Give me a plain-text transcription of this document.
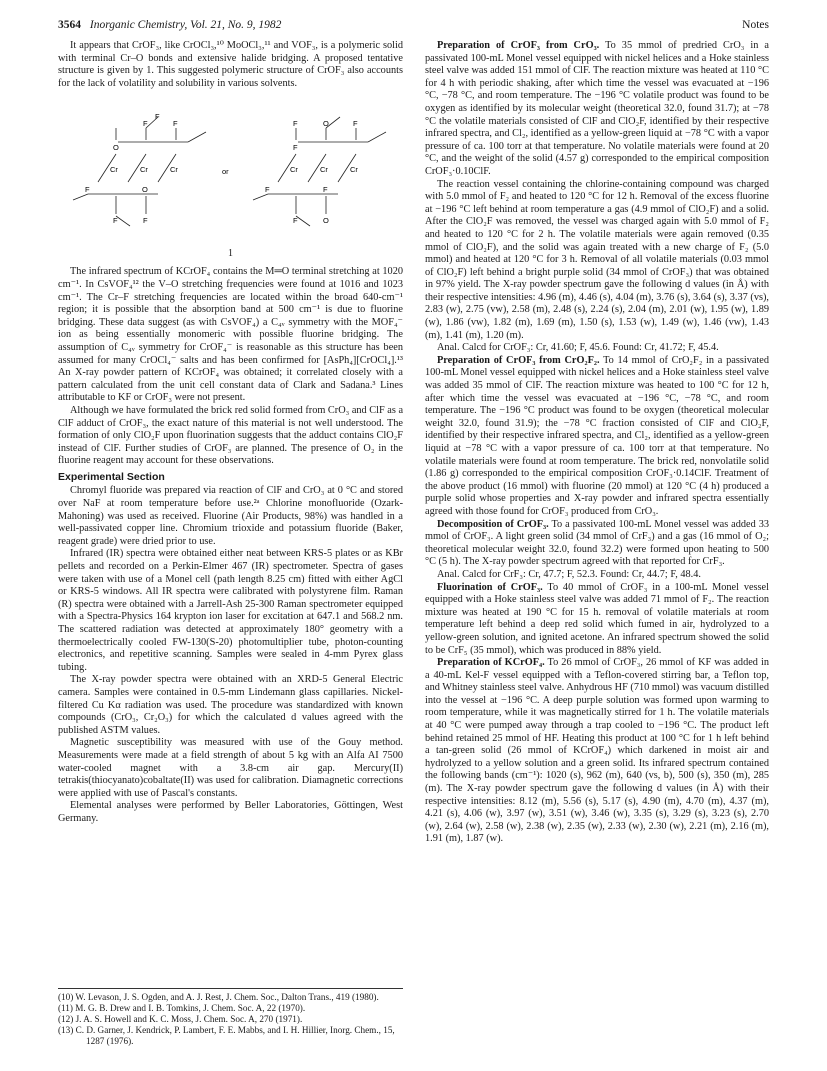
3564 Inorganic Chemistry, Vol. 21, No. 9, 1982	Notes

It appears that CrOF₃, like CrOCl₃,¹⁰ MoOCl₃,¹¹ and VOF₃, is a polymeric solid with terminal Cr–O bonds and extensive halide bridging. A proposed tentative structure is given by 1. This suggested polymeric structure of CrOF₃ also accounts for the lack of volatility and solubility in various solvents.

F
F	F
O
Cr	Cr	Cr
O
F
F	F
or
O
F	F
F
Cr	Cr	Cr
F
F
F	O
1

The infrared spectrum of KCrOF₄ contains the M═O terminal stretching at 1020 cm⁻¹. In CsVOF₄¹² the V–O stretching frequencies were found at 1016 and 1023 cm⁻¹. The Cr–F stretching frequencies are located within the broad 640-cm⁻¹ region; it is possible that the absorption band at 500 cm⁻¹ is due to fluorine bridging. These data suggest (as with CsVOF₄) a C₄ᵥ symmetry with the MOF₄⁻ ion as being essentially monomeric with possible fluorine bridging. The assumption of C₄ᵥ symmetry for CrOF₄⁻ is reasonable as this structure has been assumed for many CrOCl₄⁻ salts and has been confirmed for [AsPh₄][CrOCl₄].¹³ An X-ray powder pattern of KCrOF₄ was obtained; it correlated closely with a pattern calculated from the unit cell constant data of Clark and Sadana.³ Lines attributable to KF or CrOF₃ were not present.

Although we have formulated the brick red solid formed from CrO₃ and ClF as a ClF adduct of CrOF₃, the exact nature of this material is not well understood. The formation of only ClO₂F upon fluorination suggests that the adduct contains ClO₂F instead of ClF. Further studies of CrOF₃ are planned. The presence of O₂ in the fluorine reagent may account for these observations.

Experimental Section

Chromyl fluoride was prepared via reaction of ClF and CrO₃ at 0 °C and stored over NaF at room temperature before use.²ᵃ Chlorine monofluoride (Ozark-Mahoning) was used as received. Fluorine (Air Products, 98%) was handled in a well-passivated copper line. Chromium trioxide and potassium fluoride (Baker, reagent grade) were dried prior to use.

Infrared (IR) spectra were obtained either neat between KRS-5 plates or as KBr pellets and recorded on a Perkin-Elmer 467 (IR) spectrometer. Spectra of gases were taken with use of a Monel cell (path length 8.25 cm) fitted with either AgCl or KRS-5 windows. All IR spectra were calibrated with polystyrene film. Raman (R) spectra were obtained with a Jarrell-Ash 25-300 Raman spectrometer equipped with a Spectra-Physics 164 krypton ion laser for excitation at 647.1 and 568.2 nm. The scattered radiation was detected at approximately 180° geometry with a thermoelectrically cooled FW-130(S-20) photomultiplier tube, photon-counting electronics, and repetitive scanning. Samples were sealed in 4-mm Pyrex glass tubing.

The X-ray powder spectra were obtained with an XRD-5 General Electric camera. Samples were contained in 0.5-mm Lindemann glass capillaries. Nickel-filtered Cu Kα radiation was used. The procedure was standardized with known compounds (CrO₃, Cr₂O₃) for which the calculated d values agreed with the published ASTM values.

Magnetic susceptibility was measured with use of the Gouy method. Measurements were made at a field strength of about 5 kg with an Alfa AI 7500 water-cooled magnet with a 3.8-cm air gap. Mercury(II) tetrakis(thiocyanato)cobaltate(II) was used for calibration. Diamagnetic corrections were applied with use of Pascal's constants.

Elemental analyses were performed by Beller Laboratories, Göttingen, West Germany.

(10) W. Levason, J. S. Ogden, and A. J. Rest, J. Chem. Soc., Dalton Trans., 419 (1980).
(11) M. G. B. Drew and I. B. Tomkins, J. Chem. Soc. A, 22 (1970).
(12) J. A. S. Howell and K. C. Moss, J. Chem. Soc. A, 270 (1971).
(13) C. D. Garner, J. Kendrick, P. Lambert, F. E. Mabbs, and I. H. Hillier, Inorg. Chem., 15, 1287 (1976).

Preparation of CrOF₃ from CrO₃. To 35 mmol of predried CrO₃ in a passivated 100-mL Monel vessel equipped with nickel helices and a Hoke stainless steel valve was added 151 mmol of ClF. The reaction mixture was heated at 110 °C for 4 h with periodic shaking, after which time the vessel was evacuated at −196 °C, −78 °C, and room temperature. The −196 °C volatile product was found to be oxygen as identified by its molecular weight (theoretical 32.0, found 31.7); at −78 °C the volatile materials consisted of ClF and ClO₂F, identified by their respective infrared spectra, and Cl₂, identified as a yellow-green liquid at −78 °C with a vapor pressure of ca. 100 torr at that temperature. No volatile materials were found at 20 °C, and the weight of the solid (4.57 g) corresponded to the empirical composition CrOF₃·0.10ClF.

The reaction vessel containing the chlorine-containing compound was charged with 5.0 mmol of F₂ and heated to 120 °C for 12 h. Removal of the excess fluorine at −196 °C left behind at room temperature a gas (4.9 mmol of ClO₂F) and a solid. After the ClO₂F was removed, the vessel was charged again with 5.0 mmol of F₂ and heated to 120 °C for 2 h. The volatile materials were again removed (0.35 mmol of ClO₂F), and the solid was again treated with a new charge of F₂ (5.0 mmol) and heated at 120 °C for 3 h. Removal of all volatile materials (0.03 mmol of ClO₂F) left behind a bright purple solid (34 mmol of CrOF₃) that was obtained in 97% yield. The X-ray powder spectrum gave the following d values (in Å) with their respective intensities: 4.96 (m), 4.46 (s), 4.04 (m), 3.76 (s), 3.64 (s), 3.37 (vs), 2.83 (w), 2.75 (vw), 2.58 (m), 2.48 (s), 2.24 (s), 2.04 (m), 2.01 (w), 1.95 (w), 1.89 (w), 1.86 (vw), 1.82 (m), 1.69 (m), 1.50 (s), 1.53 (w), 1.49 (w), 1.46 (vw), 1.43 (m), 1.41 (m), 1.20 (m).

Anal. Calcd for CrOF₃: Cr, 41.60; F, 45.6. Found: Cr, 41.72; F, 45.4.

Preparation of CrOF₃ from CrO₂F₂. To 14 mmol of CrO₂F₂ in a passivated 100-mL Monel vessel equipped with nickel helices and a Hoke stainless steel valve was added 35 mmol of ClF. The reaction mixture was heated to 100 °C for 12 h, after which time the vessel was evacuated at −196 °C, −78 °C, and room temperature. The −196 °C product was found to be oxygen (theoretical molecular weight 32.0, found 31.9); the −78 °C fraction consisted of ClF and ClO₂F, identified by their respective infrared spectra, and Cl₂, identified as a yellow-green liquid at −78 °C with a vapor pressure of ca. 100 torr at that temperature. No volatile materials were found at room temperature. The brick red, nonvolatile solid (1.86 g) corresponded to the empirical composition CrOF₃·0.14ClF. Treatment of the above product (16 mmol) with fluorine (20 mmol) at 120 °C (4 h) produced a purple solid whose properties and X-ray powder and infrared spectra essentially agreed with those found for CrOF₃ produced from CrO₃.

Decomposition of CrOF₃. To a passivated 100-mL Monel vessel was added 33 mmol of CrOF₃. A light green solid (34 mmol of CrF₃) and a gas (16 mmol of O₂; theoretical molecular weight 32.0, found 32.2) were formed upon heating to 500 °C (5 h). The X-ray powder spectrum agreed with that reported for CrF₃.

Anal. Calcd for CrF₃: Cr, 47.7; F, 52.3. Found: Cr, 44.7; F, 48.4.

Fluorination of CrOF₃. To 40 mmol of CrOF₃ in a 100-mL Monel vessel equipped with a Hoke stainless steel valve was added 71 mmol of F₂. The reaction mixture was heated at 190 °C for 15 h. removal of volatile materials at room temperature left behind a deep red solid which fumed in air, hydrolyzed to a yellow-green solution, and ignited acetone. An infrared spectrum showed the solid to be CrF₅ (35 mmol), which was produced in 88% yield.

Preparation of KCrOF₄. To 26 mmol of CrOF₃, 26 mmol of KF was added in a 40-mL Kel-F vessel equipped with a Teflon-covered stirring bar, a Teflon top, and Whitney stainless steel valve. Anhydrous HF (710 mmol) was vacuum distilled into the vessel at −196 °C. A deep purple solution was formed upon warming to room temperature, while it was magnetically stirred for 1 h. The volatile materials at 40 °C were pumped away through a trap cooled to −196 °C. The product left behind retained 25 mmol of HF. Heating this product at 100 °C for 1 h left behind a tan-green solid (26 mmol of KCrOF₄) which darkened in moist air and hydrolyzed to a yellow solution and a green solid. Its infrared spectrum contained the following bands (cm⁻¹): 1020 (s), 962 (m), 640 (vs, b), 500 (s), 350 (m), 285 (m). The X-ray powder spectrum gave the following d values (in Å) with their respective intensities: 8.12 (m), 5.56 (s), 5.17 (s), 4.90 (m), 4.70 (m), 4.37 (m), 4.21 (s), 4.06 (w), 3.97 (w), 3.51 (w), 3.46 (w), 3.35 (s), 3.29 (s), 3.23 (s), 2.70 (w), 2.64 (w), 2.58 (w), 2.38 (w), 2.35 (w), 2.33 (w), 2.30 (w), 2.21 (m), 2.16 (m), 1.91 (m), 1.87 (w).
